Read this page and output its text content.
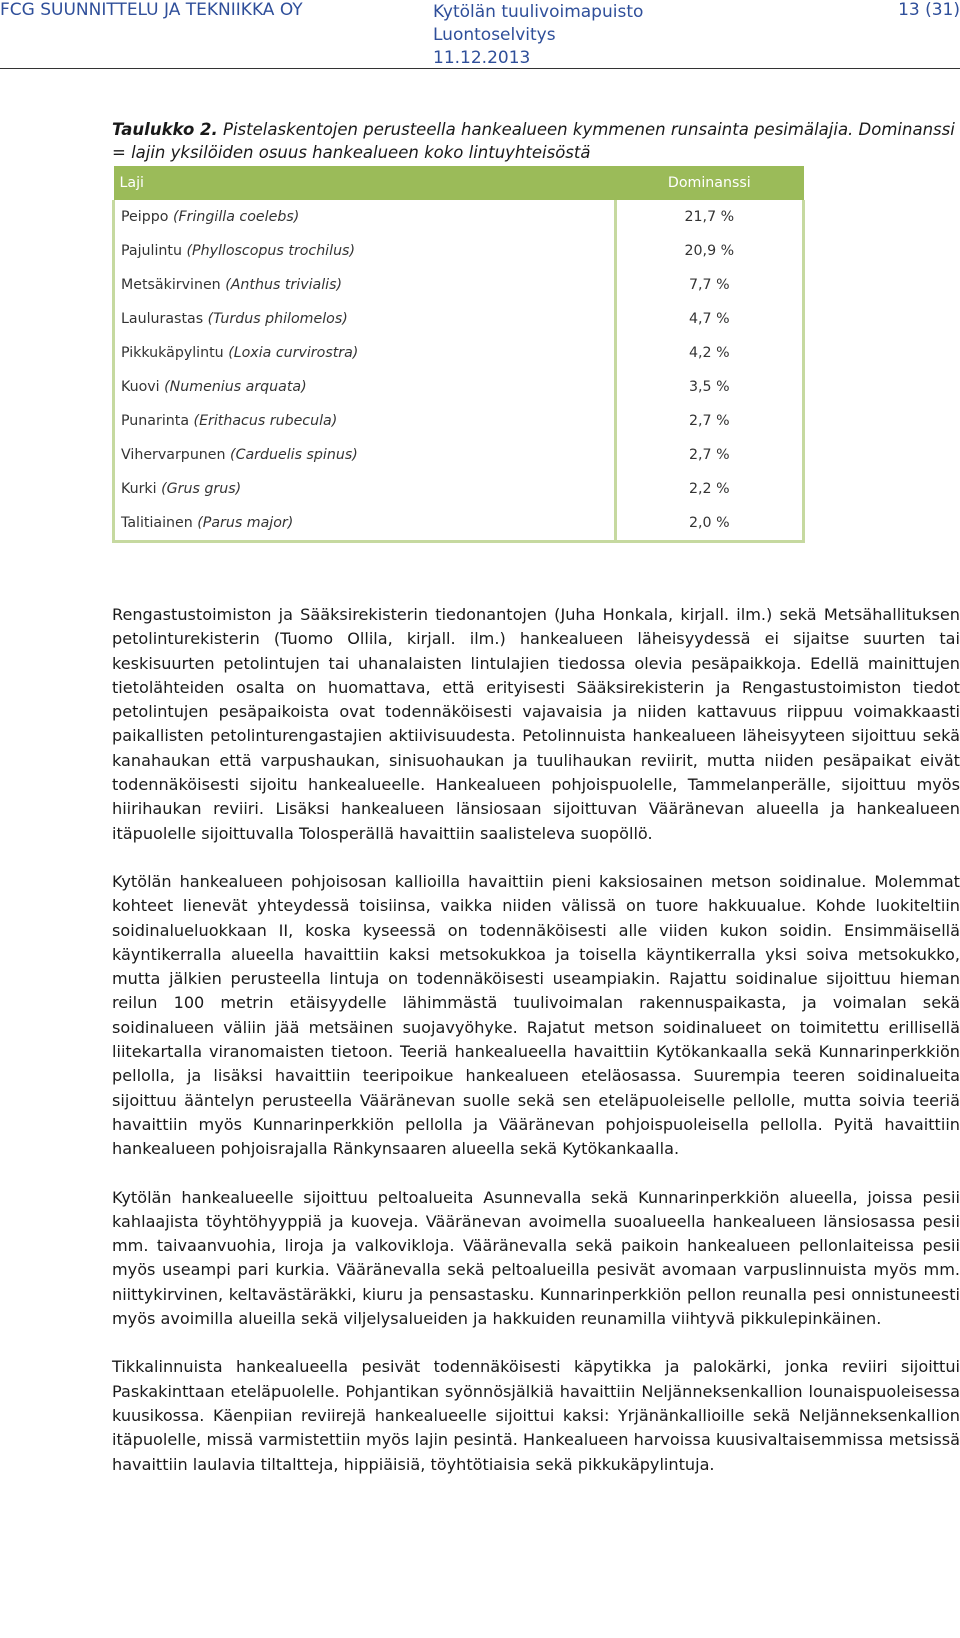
FCG SUUNNITTELU JA TEKNIIKKA OY	Kytölän tuulivoimapuisto
Luontoselvitys
11.12.2013
13 (31)
Taulukko 2. Pistelaskentojen perusteella hankealueen kymmenen runsainta pesimälajia. Dominanssi = lajin yksilöiden osuus hankealueen koko lintuyhteisöstä
Laji	Dominanssi
Peippo (Fringilla coelebs)	21,7 %
Pajulintu (Phylloscopus trochilus)	20,9 %
Metsäkirvinen (Anthus trivialis)	7,7 %
Laulurastas (Turdus philomelos)	4,7 %
Pikkukäpylintu (Loxia curvirostra)	4,2 %
Kuovi (Numenius arquata)	3,5 %
Punarinta (Erithacus rubecula)	2,7 %
Vihervarpunen (Carduelis spinus)	2,7 %
Kurki (Grus grus)	2,2 %
Talitiainen (Parus major)	2,0 %

Rengastustoimiston ja Sääksirekisterin tiedonantojen (Juha Honkala, kirjall. ilm.) sekä Metsähallituksen petolinturekisterin (Tuomo Ollila, kirjall. ilm.) hankealueen läheisyydessä ei sijaitse suurten tai keskisuurten petolintujen tai uhanalaisten lintulajien tiedossa olevia pesäpaikkoja. Edellä mainittujen tietolähteiden osalta on huomattava, että erityisesti Sääksirekisterin ja Rengastustoimiston tiedot petolintujen pesäpaikoista ovat todennäköisesti vajavaisia ja niiden kattavuus riippuu voimakkaasti paikallisten petolinturengastajien aktiivisuudesta. Petolinnuista hankealueen läheisyyteen sijoittuu sekä kanahaukan että varpushaukan, sinisuohaukan ja tuulihaukan reviirit, mutta niiden pesäpaikat eivät todennäköisesti sijoitu hankealueelle. Hankealueen pohjoispuolelle, Tammelanperälle, sijoittuu myös hiirihaukan reviiri. Lisäksi hankealueen länsiosaan sijoittuvan Vääränevan alueella ja hankealueen itäpuolelle sijoittuvalla Tolosperällä havaittiin saalisteleva suopöllö.

Kytölän hankealueen pohjoisosan kallioilla havaittiin pieni kaksiosainen metson soidinalue. Molemmat kohteet lienevät yhteydessä toisiinsa, vaikka niiden välissä on tuore hakkuualue. Kohde luokiteltiin soidinalueluokkaan II, koska kyseessä on todennäköisesti alle viiden kukon soidin. Ensimmäisellä käyntikerralla alueella havaittiin kaksi metsokukkoa ja toisella käyntikerralla yksi soiva metsokukko, mutta jälkien perusteella lintuja on todennäköisesti useampiakin. Rajattu soidinalue sijoittuu hieman reilun 100 metrin etäisyydelle lähimmästä tuulivoimalan rakennuspaikasta, ja voimalan sekä soidinalueen väliin jää metsäinen suojavyöhyke. Rajatut metson soidinalueet on toimitettu erillisellä liitekartalla viranomaisten tietoon. Teeriä hankealueella havaittiin Kytökankaalla sekä Kunnarinperkkiön pellolla, ja lisäksi havaittiin teeripoikue hankealueen eteläosassa. Suurempia teeren soidinalueita sijoittuu ääntelyn perusteella Vääränevan suolle sekä sen eteläpuoleiselle pellolle, mutta soivia teeriä havaittiin myös Kunnarinperkkiön pellolla ja Vääränevan pohjoispuoleisella pellolla. Pyitä havaittiin hankealueen pohjoisrajalla Ränkynsaaren alueella sekä Kytökankaalla.

Kytölän hankealueelle sijoittuu peltoalueita Asunnevalla sekä Kunnarinperkkiön alueella, joissa pesii kahlaajista töyhtöhyyppiä ja kuoveja. Vääränevan avoimella suoalueella hankealueen länsiosassa pesii mm. taivaanvuohia, liroja ja valkovikloja. Vääränevalla sekä paikoin hankealueen pellonlaiteissa pesii myös useampi pari kurkia. Vääränevalla sekä peltoalueilla pesivät avomaan varpuslinnuista myös mm. niittykirvinen, keltavästäräkki, kiuru ja pensastasku. Kunnarinperkkiön pellon reunalla pesi onnistuneesti myös avoimilla alueilla sekä viljelysalueiden ja hakkuiden reunamilla viihtyvä pikkulepinkäinen.

Tikkalinnuista hankealueella pesivät todennäköisesti käpytikka ja palokärki, jonka reviiri sijoittui Paskakinttaan eteläpuolelle. Pohjantikan syönnösjälkiä havaittiin Neljänneksenkallion lounaispuoleisessa kuusikossa. Käenpiian reviirejä hankealueelle sijoittui kaksi: Yrjänänkallioille sekä Neljänneksenkallion itäpuolelle, missä varmistettiin myös lajin pesintä. Hankealueen harvoissa kuusivaltaisemmissa metsissä havaittiin laulavia tiltaltteja, hippiäisiä, töyhtötiaisia sekä pikkukäpylintuja.
